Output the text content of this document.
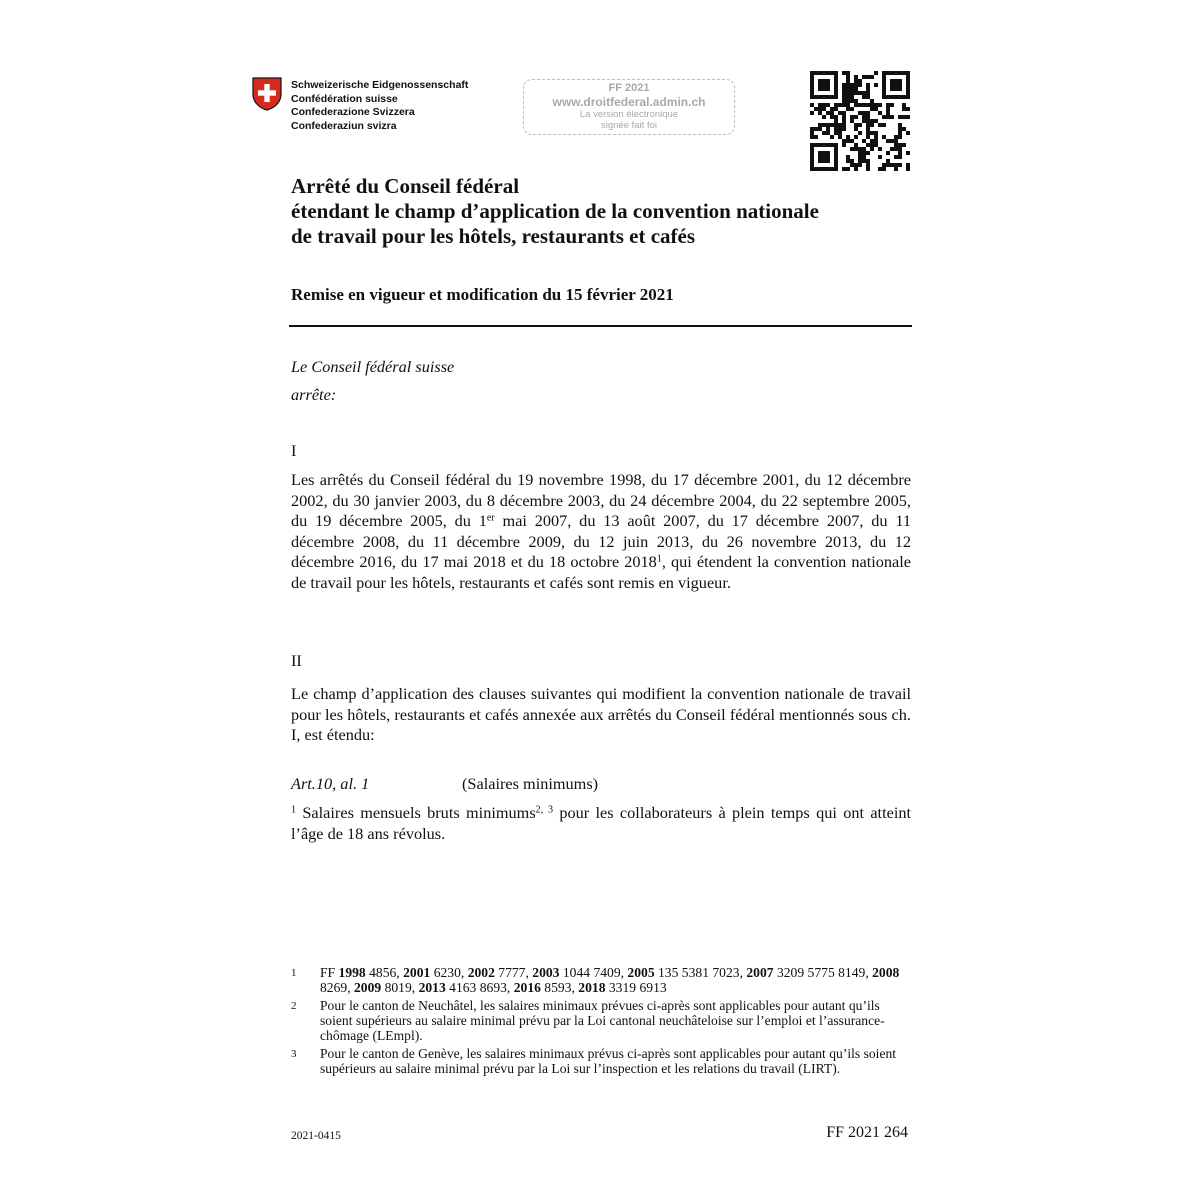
Schweizerische Eidgenossenschaft
Confédération suisse
Confederazione Svizzera
Confederaziun svizra
FF 2021
www.droitfederal.admin.ch
La version électronique
signée fait foi
Arrêté du Conseil fédéral
étendant le champ d’application de la convention nationale
de travail pour les hôtels, restaurants et cafés
Remise en vigueur et modification du 15 février 2021
Le Conseil fédéral suisse
arrête:
I
Les arrêtés du Conseil fédéral du 19 novembre 1998, du 17 décembre 2001, du 12 décembre 2002, du 30 janvier 2003, du 8 décembre 2003, du 24 décembre 2004, du 22 septembre 2005, du 19 décembre 2005, du 1er mai 2007, du 13 août 2007, du 17 décembre 2007, du 11 décembre 2008, du 11 décembre 2009, du 12 juin 2013, du 26 novembre 2013, du 12 décembre 2016, du 17 mai 2018 et du 18 octobre 2018$^1$, qui étendent la convention nationale de travail pour les hôtels, restaurants et cafés sont remis en vigueur.
II
Le champ d’application des clauses suivantes qui modifient la convention nationale de travail pour les hôtels, restaurants et cafés annexée aux arrêtés du Conseil fédéral mentionnés sous ch. I, est étendu:
Art.10, al. 1	(Salaires minimums)
$^1$ Salaires mensuels bruts minimums$^{2, 3}$ pour les collaborateurs à plein temps qui ont atteint l’âge de 18 ans révolus.
1 FF 1998 4856, 2001 6230, 2002 7777, 2003 1044 7409, 2005 135 5381 7023, 2007 3209 5775 8149, 2008 8269, 2009 8019, 2013 4163 8693, 2016 8593, 2018 3319 6913
2 Pour le canton de Neuchâtel, les salaires minimaux prévues ci-après sont applicables pour autant qu’ils soient supérieurs au salaire minimal prévu par la Loi cantonal neuchâteloise sur l’emploi et l’assurance-chômage (LEmpl).
3 Pour le canton de Genève, les salaires minimaux prévus ci-après sont applicables pour autant qu’ils soient supérieurs au salaire minimal prévu par la Loi sur l’inspection et les relations du travail (LIRT).
2021-0415	FF 2021 264
